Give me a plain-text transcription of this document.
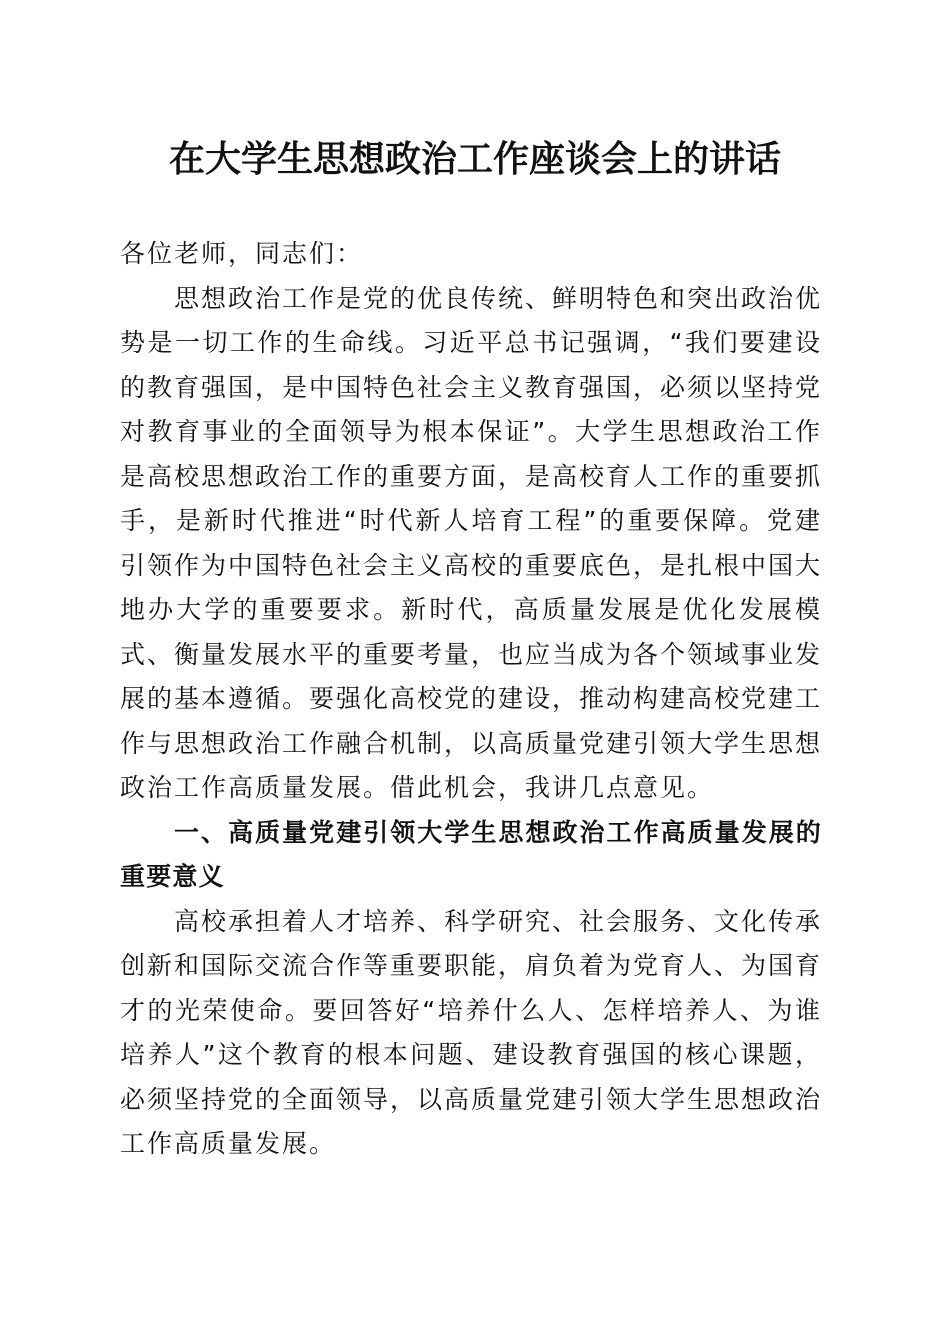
在大学生思想政治工作座谈会上的讲话

各位老师，同志们：

思想政治工作是党的优良传统、鲜明特色和突出政治优势是一切工作的生命线。习近平总书记强调，“我们要建设的教育强国，是中国特色社会主义教育强国，必须以坚持党对教育事业的全面领导为根本保证”。大学生思想政治工作是高校思想政治工作的重要方面，是高校育人工作的重要抓手，是新时代推进“时代新人培育工程”的重要保障。党建引领作为中国特色社会主义高校的重要底色，是扎根中国大地办大学的重要要求。新时代，高质量发展是优化发展模式、衡量发展水平的重要考量，也应当成为各个领域事业发展的基本遵循。要强化高校党的建设，推动构建高校党建工作与思想政治工作融合机制，以高质量党建引领大学生思想政治工作高质量发展。借此机会，我讲几点意见。

一、高质量党建引领大学生思想政治工作高质量发展的重要意义

高校承担着人才培养、科学研究、社会服务、文化传承创新和国际交流合作等重要职能，肩负着为党育人、为国育才的光荣使命。要回答好“培养什么人、怎样培养人、为谁培养人”这个教育的根本问题、建设教育强国的核心课题，必须坚持党的全面领导，以高质量党建引领大学生思想政治工作高质量发展。
